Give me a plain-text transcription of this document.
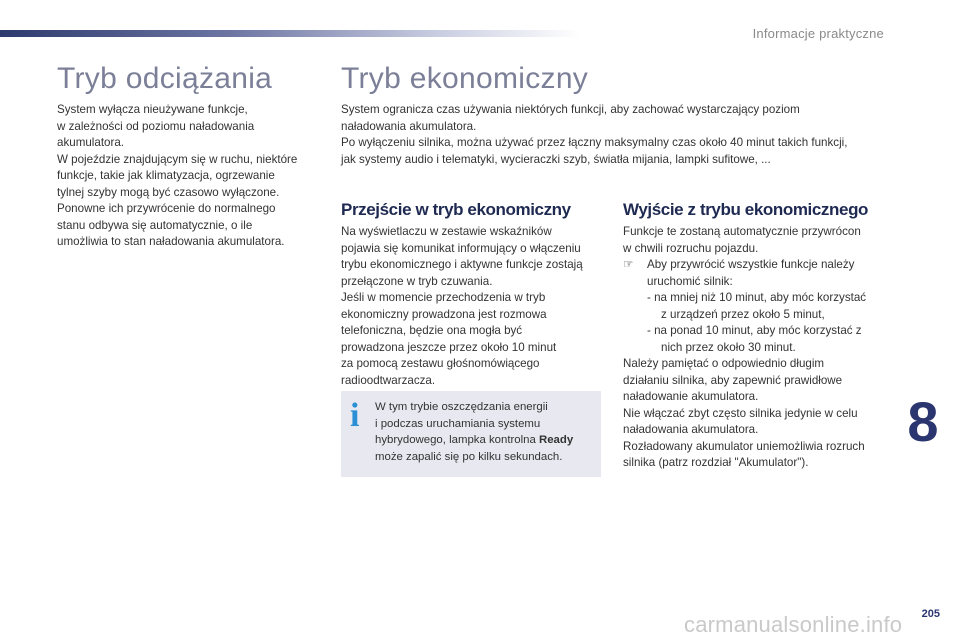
Informacje praktyczne
Tryb odciążania
System wyłącza nieużywane funkcje,
w zależności od poziomu naładowania
akumulatora.
W pojeździe znajdującym się w ruchu, niektóre
funkcje, takie jak klimatyzacja, ogrzewanie
tylnej szyby mogą być czasowo wyłączone.
Ponowne ich przywrócenie do normalnego
stanu odbywa się automatycznie, o ile
umożliwia to stan naładowania akumulatora.
Tryb ekonomiczny
System ogranicza czas używania niektórych funkcji, aby zachować wystarczający poziom
naładowania akumulatora.
Po wyłączeniu silnika, można używać przez łączny maksymalny czas około 40 minut takich funkcji,
jak systemy audio i telematyki, wycieraczki szyb, światła mijania, lampki sufitowe, ...
Przejście w tryb ekonomiczny
Na wyświetlaczu w zestawie wskaźników
pojawia się komunikat informujący o włączeniu
trybu ekonomicznego i aktywne funkcje zostają
przełączone w tryb czuwania.
Jeśli w momencie przechodzenia w tryb
ekonomiczny prowadzona jest rozmowa
telefoniczna, będzie ona mogła być
prowadzona jeszcze przez około 10 minut
za pomocą zestawu głośnomówiącego
radioodtwarzacza.
i W tym trybie oszczędzania energii
i podczas uruchamiania systemu
hybrydowego, lampka kontrolna Ready
może zapalić się po kilku sekundach.
Wyjście z trybu ekonomicznego
Funkcje te zostaną automatycznie przywrócon
w chwili rozruchu pojazdu.
☞ Aby przywrócić wszystkie funkcje należy
uruchomić silnik:
- na mniej niż 10 minut, aby móc korzystać
z urządzeń przez około 5 minut,
- na ponad 10 minut, aby móc korzystać z
nich przez około 30 minut.
Należy pamiętać o odpowiednio długim
działaniu silnika, aby zapewnić prawidłowe
naładowanie akumulatora.
Nie włączać zbyt często silnika jedynie w celu
naładowania akumulatora.
Rozładowany akumulator uniemożliwia rozruch
silnika (patrz rozdział "Akumulator").
8
carmanualsonline.info 205
